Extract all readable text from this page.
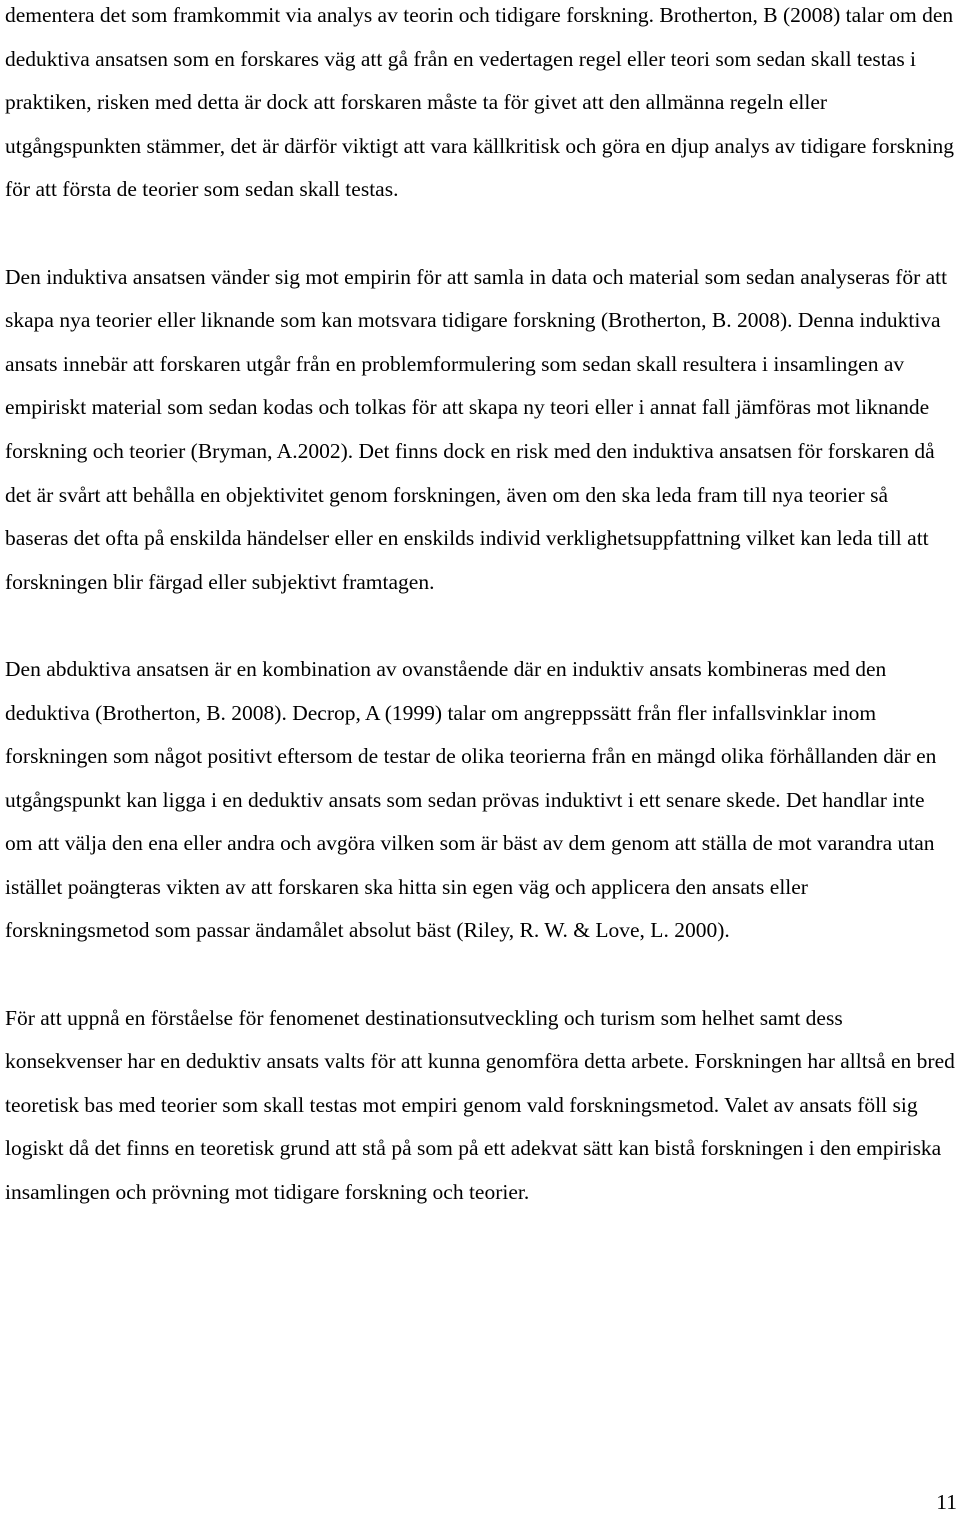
dementera det som framkommit via analys av teorin och tidigare forskning. Brotherton, B (2008) talar om den deduktiva ansatsen som en forskares väg att gå från en vedertagen regel eller teori som sedan skall testas i praktiken, risken med detta är dock att forskaren måste ta för givet att den allmänna regeln eller utgångspunkten stämmer, det är därför viktigt att vara källkritisk och göra en djup analys av tidigare forskning för att första de teorier som sedan skall testas.

Den induktiva ansatsen vänder sig mot empirin för att samla in data och material som sedan analyseras för att skapa nya teorier eller liknande som kan motsvara tidigare forskning (Brotherton, B. 2008). Denna induktiva ansats innebär att forskaren utgår från en problemformulering som sedan skall resultera i insamlingen av empiriskt material som sedan kodas och tolkas för att skapa ny teori eller i annat fall jämföras mot liknande forskning och teorier (Bryman, A.2002). Det finns dock en risk med den induktiva ansatsen för forskaren då det är svårt att behålla en objektivitet genom forskningen, även om den ska leda fram till nya teorier så baseras det ofta på enskilda händelser eller en enskilds individ verklighetsuppfattning vilket kan leda till att forskningen blir färgad eller subjektivt framtagen.

Den abduktiva ansatsen är en kombination av ovanstående där en induktiv ansats kombineras med den deduktiva (Brotherton, B. 2008). Decrop, A (1999) talar om angreppssätt från fler infallsvinklar inom forskningen som något positivt eftersom de testar de olika teorierna från en mängd olika förhållanden där en utgångspunkt kan ligga i en deduktiv ansats som sedan prövas induktivt i ett senare skede. Det handlar inte om att välja den ena eller andra och avgöra vilken som är bäst av dem genom att ställa de mot varandra utan istället poängteras vikten av att forskaren ska hitta sin egen väg och applicera den ansats eller forskningsmetod som passar ändamålet absolut bäst (Riley, R. W. & Love, L. 2000).

För att uppnå en förståelse för fenomenet destinationsutveckling och turism som helhet samt dess konsekvenser har en deduktiv ansats valts för att kunna genomföra detta arbete. Forskningen har alltså en bred teoretisk bas med teorier som skall testas mot empiri genom vald forskningsmetod. Valet av ansats föll sig logiskt då det finns en teoretisk grund att stå på som på ett adekvat sätt kan bistå forskningen i den empiriska insamlingen och prövning mot tidigare forskning och teorier.

11
